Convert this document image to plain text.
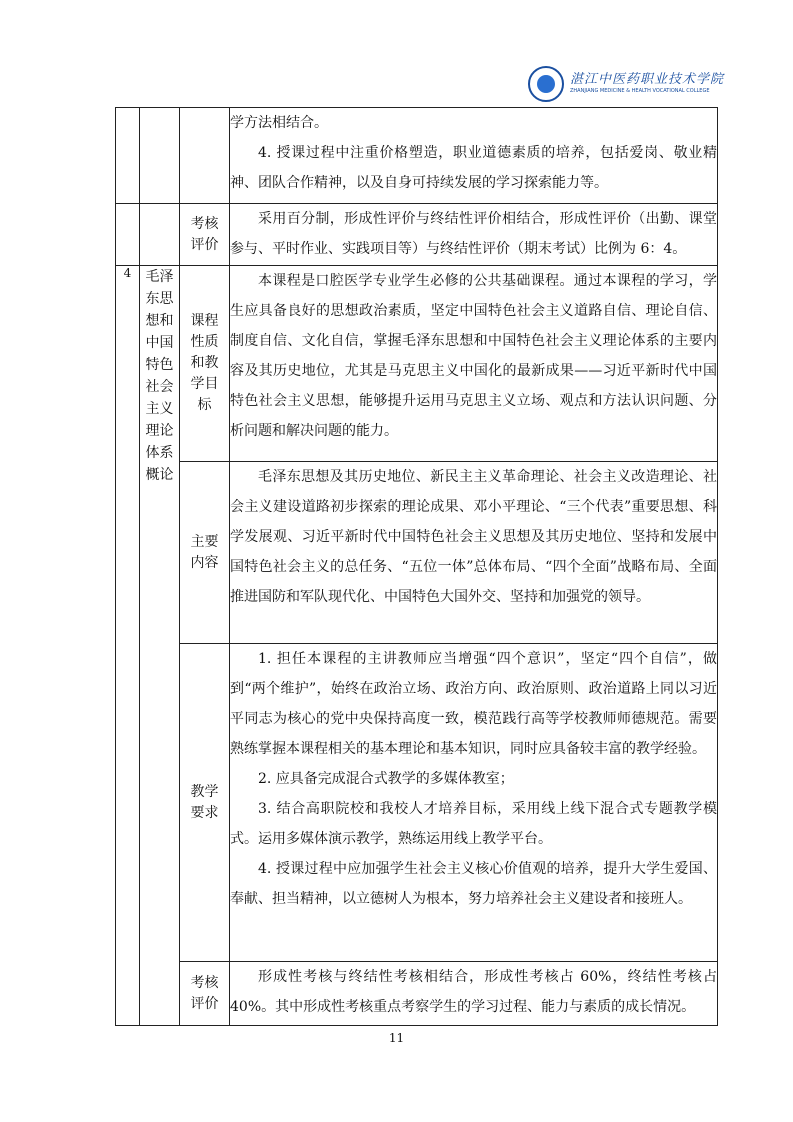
湛江中医药职业技术学院
ZHANJIANG MEDICINE & HEALTH VOCATIONAL COLLEGE

			学方法相结合。

4. 授课过程中注重价格塑造，职业道德素质的培养，包括爱岗、敬业精神、团队合作精神，以及自身可持续发展的学习探索能力等。

		考核评价	采用百分制，形成性评价与终结性评价相结合，形成性评价（出勤、课堂参与、平时作业、实践项目等）与终结性评价（期末考试）比例为 6：4。

4	毛泽东思想和中国特色社会主义理论体系概论	课程性质和教学目标	本课程是口腔医学专业学生必修的公共基础课程。通过本课程的学习，学生应具备良好的思想政治素质，坚定中国特色社会主义道路自信、理论自信、制度自信、文化自信，掌握毛泽东思想和中国特色社会主义理论体系的主要内容及其历史地位，尤其是马克思主义中国化的最新成果——习近平新时代中国特色社会主义思想，能够提升运用马克思主义立场、观点和方法认识问题、分析问题和解决问题的能力。

		主要内容	毛泽东思想及其历史地位、新民主主义革命理论、社会主义改造理论、社会主义建设道路初步探索的理论成果、邓小平理论、“三个代表”重要思想、科学发展观、习近平新时代中国特色社会主义思想及其历史地位、坚持和发展中国特色社会主义的总任务、“五位一体”总体布局、“四个全面”战略布局、全面推进国防和军队现代化、中国特色大国外交、坚持和加强党的领导。

		教学要求	1. 担任本课程的主讲教师应当增强“四个意识”，坚定“四个自信”，做到“两个维护”，始终在政治立场、政治方向、政治原则、政治道路上同以习近平同志为核心的党中央保持高度一致，模范践行高等学校教师师德规范。需要熟练掌握本课程相关的基本理论和基本知识，同时应具备较丰富的教学经验。

2. 应具备完成混合式教学的多媒体教室；

3. 结合高职院校和我校人才培养目标，采用线上线下混合式专题教学模式。运用多媒体演示教学，熟练运用线上教学平台。

4. 授课过程中应加强学生社会主义核心价值观的培养，提升大学生爱国、奉献、担当精神，以立德树人为根本，努力培养社会主义建设者和接班人。

		考核评价	形成性考核与终结性考核相结合，形成性考核占 60%，终结性考核占 40%。其中形成性考核重点考察学生的学习过程、能力与素质的成长情况。

11
